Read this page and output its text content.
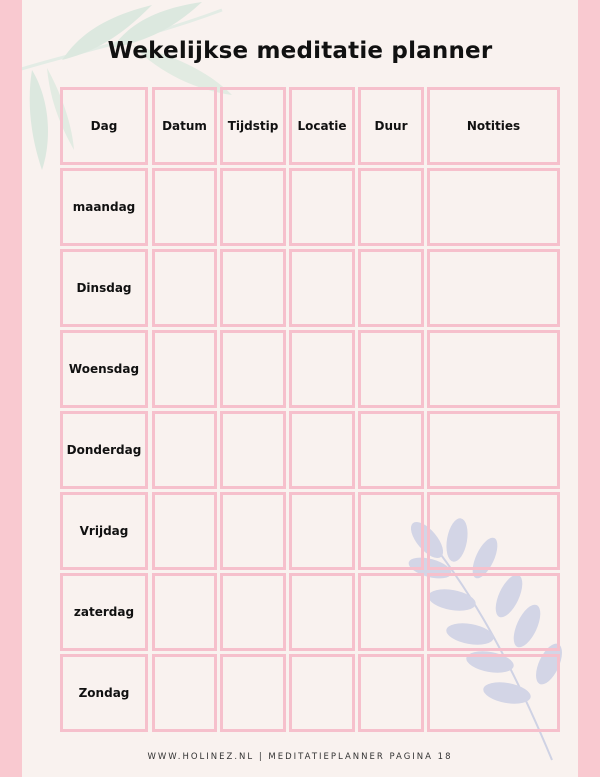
Wekelijkse meditatie planner
Dag	Datum	Tijdstip	Locatie	Duur	Notities
maandag
Dinsdag
Woensdag
Donderdag
Vrijdag
zaterdag
Zondag
WWW.HOLINEZ.NL | MEDITATIEPLANNER PAGINA 18
